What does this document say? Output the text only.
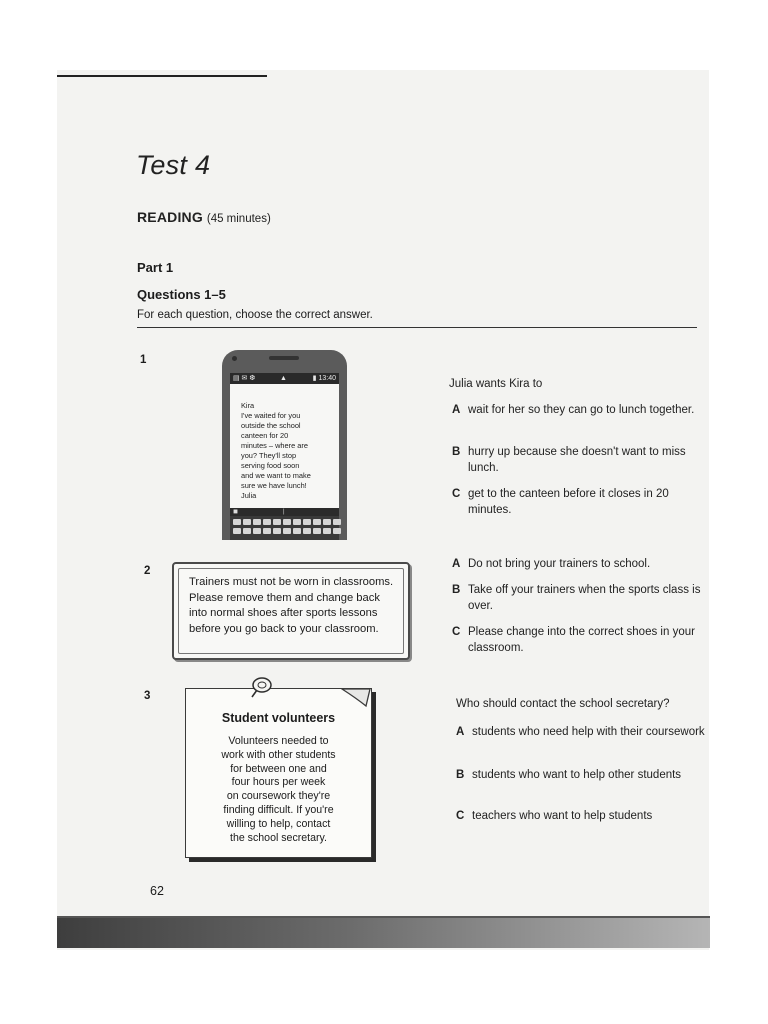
Test 4
READING (45 minutes)
Part 1
Questions 1–5
For each question, choose the correct answer.
1
▤ ✉ ❆	▲	▮ 13:40
Kira
I've waited for you
outside the school
canteen for 20
minutes – where are
you? They'll stop
serving food soon
and we want to make
sure we have lunch!
Julia
◼	|
Julia wants Kira to
A wait for her so they can go to lunch together.
B hurry up because she doesn't want to miss lunch.
C get to the canteen before it closes in 20 minutes.
2
Trainers must not be worn in classrooms. Please remove them and change back into normal shoes after sports lessons before you go back to your classroom.
A Do not bring your trainers to school.
B Take off your trainers when the sports class is over.
C Please change into the correct shoes in your classroom.
3
Student volunteers
Volunteers needed to
work with other students
for between one and
four hours per week
on coursework they're
finding difficult. If you're
willing to help, contact
the school secretary.
Who should contact the school secretary?
A students who need help with their coursework
B students who want to help other students
C teachers who want to help students
62
